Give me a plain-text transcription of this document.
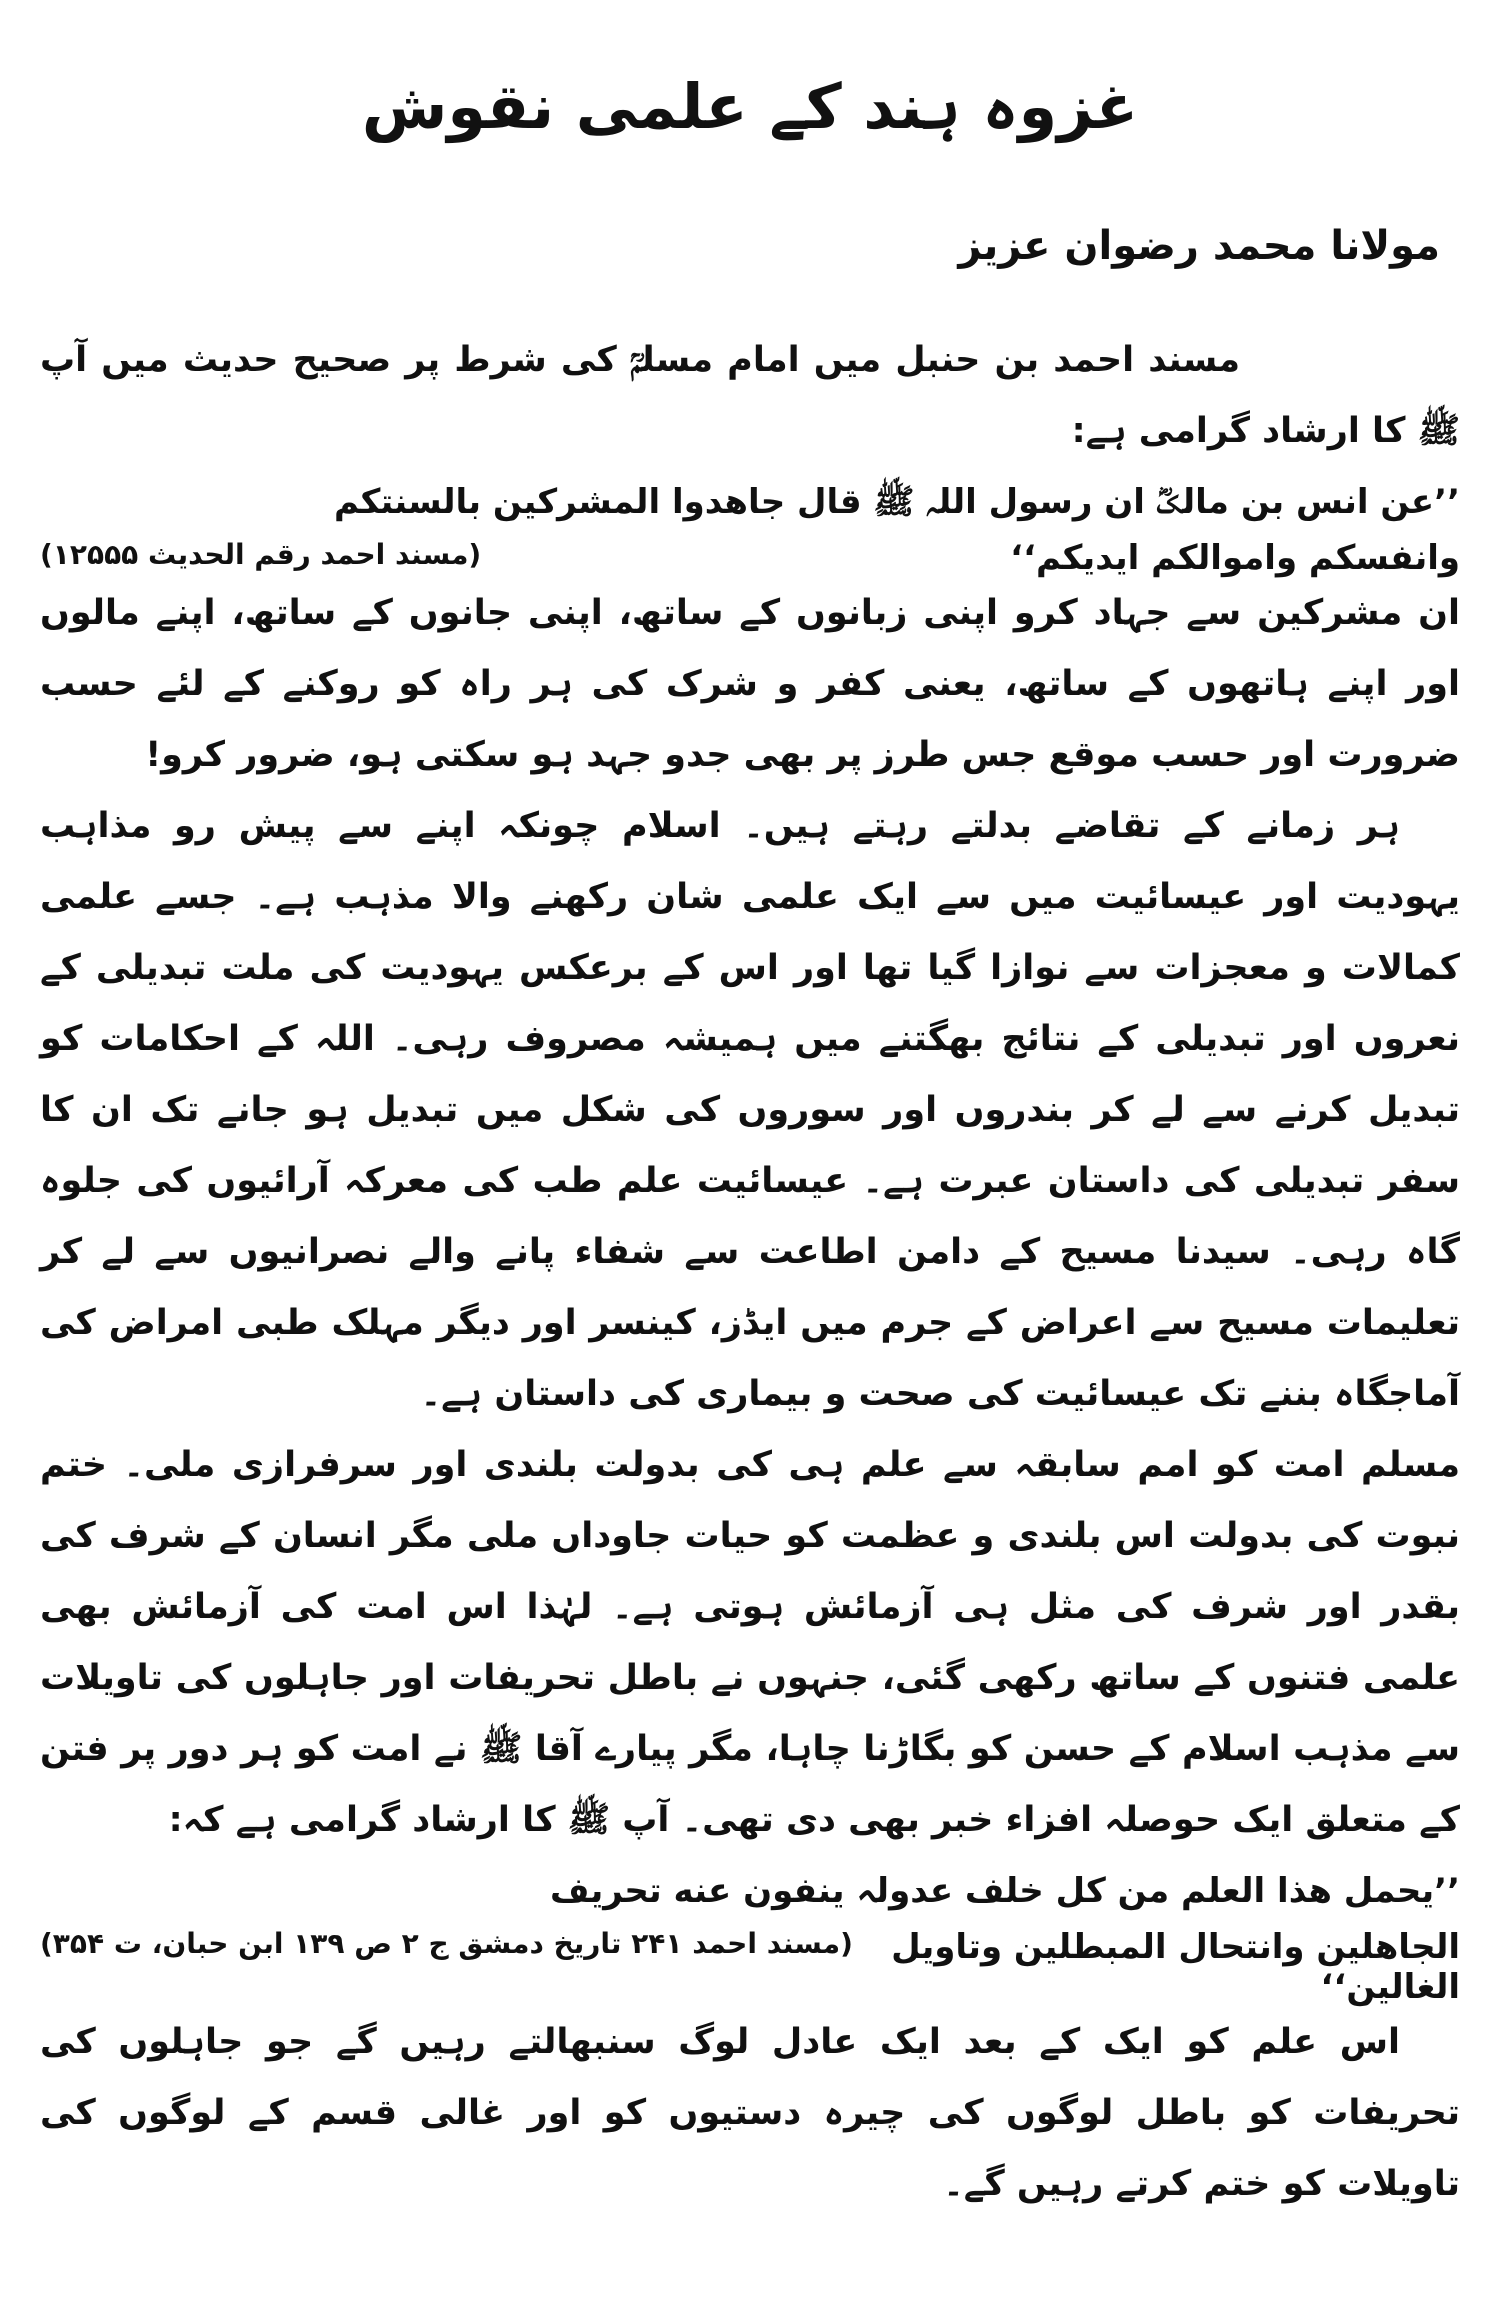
غزوہ ہند کے علمی نقوش
مولانا محمد رضوان عزیز

مسند احمد بن حنبل میں امام مسلمؒ کی شرط پر صحیح حدیث میں آپ ﷺ کا ارشاد گرامی ہے:

’’عن انس بن مالکؓ ان رسول اللہ ﷺ قال جاھدوا المشرکین بالسنتکم

(مسند احمد رقم الحدیث ۱۲۵۵۵)	وانفسکم واموالکم ایدیکم‘‘

ان مشرکین سے جہاد کرو اپنی زبانوں کے ساتھ، اپنی جانوں کے ساتھ، اپنے مالوں اور اپنے ہاتھوں کے ساتھ، یعنی کفر و شرک کی ہر راہ کو روکنے کے لئے حسب ضرورت اور حسب موقع جس طرز پر بھی جدو جہد ہو سکتی ہو، ضرور کرو!

ہر زمانے کے تقاضے بدلتے رہتے ہیں۔ اسلام چونکہ اپنے سے پیش رو مذاہب یہودیت اور عیسائیت میں سے ایک علمی شان رکھنے والا مذہب ہے۔ جسے علمی کمالات و معجزات سے نوازا گیا تھا اور اس کے برعکس یہودیت کی ملت تبدیلی کے نعروں اور تبدیلی کے نتائج بھگتنے میں ہمیشہ مصروف رہی۔ اللہ کے احکامات کو تبدیل کرنے سے لے کر بندروں اور سوروں کی شکل میں تبدیل ہو جانے تک ان کا سفر تبدیلی کی داستان عبرت ہے۔ عیسائیت علم طب کی معرکہ آرائیوں کی جلوہ گاہ رہی۔ سیدنا مسیح کے دامن اطاعت سے شفاء پانے والے نصرانیوں سے لے کر تعلیمات مسیح سے اعراض کے جرم میں ایڈز، کینسر اور دیگر مہلک طبی امراض کی آماجگاہ بننے تک عیسائیت کی صحت و بیماری کی داستان ہے۔

مسلم امت کو امم سابقہ سے علم ہی کی بدولت بلندی اور سرفرازی ملی۔ ختم نبوت کی بدولت اس بلندی و عظمت کو حیات جاوداں ملی مگر انسان کے شرف کی بقدر اور شرف کی مثل ہی آزمائش ہوتی ہے۔ لہٰذا اس امت کی آزمائش بھی علمی فتنوں کے ساتھ رکھی گئی، جنہوں نے باطل تحریفات اور جاہلوں کی تاویلات سے مذہب اسلام کے حسن کو بگاڑنا چاہا، مگر پیارے آقا ﷺ نے امت کو ہر دور پر فتن کے متعلق ایک حوصلہ افزاء خبر بھی دی تھی۔ آپ ﷺ کا ارشاد گرامی ہے کہ:

’’یحمل ھذا العلم من کل خلف عدولہ ینفون عنه تحریف

(مسند احمد ۲۴۱ تاریخ دمشق ج ۲ ص ۱۳۹ ابن حبان، ت ۳۵۴) الجاھلین وانتحال المبطلین وتاویل الغالین‘‘

اس علم کو ایک کے بعد ایک عادل لوگ سنبھالتے رہیں گے جو جاہلوں کی تحریفات کو باطل لوگوں کی چیرہ دستیوں کو اور غالی قسم کے لوگوں کی تاویلات کو ختم کرتے رہیں گے۔
